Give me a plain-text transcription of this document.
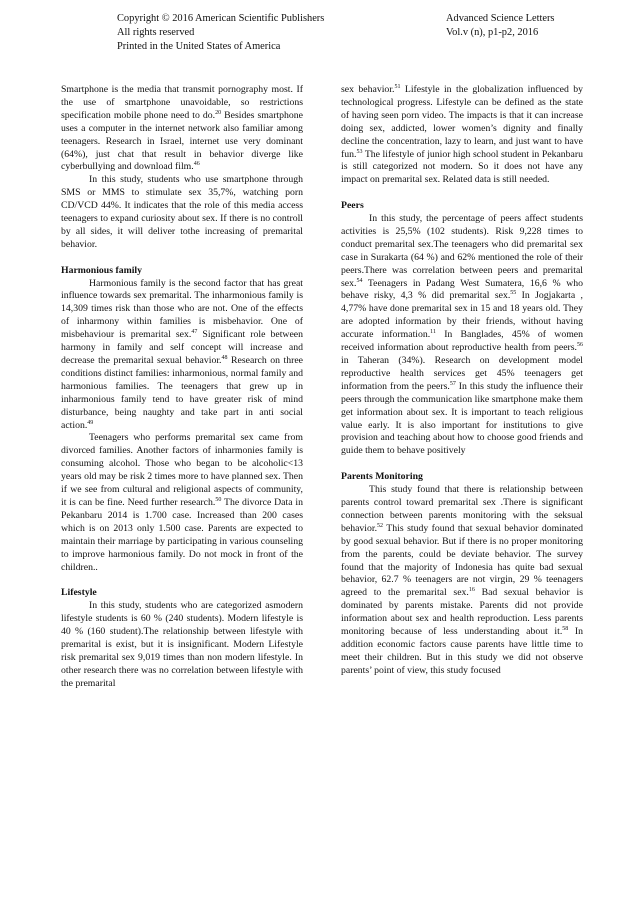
Copyright © 2016 American Scientific Publishers
All rights reserved
Printed in the United States of America
Advanced Science Letters
Vol.v (n), p1-p2, 2016

Smartphone is the media that transmit pornography most. If the use of smartphone unavoidable, so restrictions specification mobile phone need to do.$^{20}$ Besides smartphone uses a computer in the internet network also familiar among teenagers. Research in Israel, internet use very dominant (64%), just chat that result in behavior diverge like cyberbullying and download film.$^{46}$

In this study, students who use smartphone through SMS or MMS to stimulate sex 35,7%, watching porn CD/VCD 44%. It indicates that the role of this media access teenagers to expand curiosity about sex. If there is no controll by all sides, it will deliver tothe increasing of premarital behavior.

Harmonious family

Harmonious family is the second factor that has great influence towards sex premarital. The inharmonious family is 14,309 times risk than those who are not. One of the effects of inharmony within families is misbehavior. One of misbehaviour is premarital sex.$^{47}$ Significant role between harmony in family and self concept will increase and decrease the premarital sexual behavior.$^{48}$ Research on three conditions distinct families: inharmonious, normal family and harmonious families. The teenagers that grew up in inharmonious family tend to have greater risk of mind disturbance, being naughty and take part in anti social action.$^{49}$

Teenagers who performs premarital sex came from divorced families. Another factors of inharmonies family is consuming alcohol. Those who began to be alcoholic<13 years old may be risk 2 times more to have planned sex. Then if we see from cultural and religional aspects of community, it is can be fine. Need further research.$^{50}$ The divorce Data in Pekanbaru 2014 is 1.700 case. Increased than 200 cases which is on 2013 only 1.500 case. Parents are expected to maintain their marriage by participating in various counseling to improve harmonious family. Do not mock in front of the children..

Lifestyle

In this study, students who are categorized asmodern lifestyle students is 60 % (240 students). Modern lifestyle is 40 % (160 student).The relationship between lifestyle with premarital is exist, but it is insignificant. Modern Lifestyle risk premarital sex 9,019 times than non modern lifestyle. In other research there was no correlation between lifestyle with the premarital

sex behavior.$^{51}$ Lifestyle in the globalization influenced by technological progress. Lifestyle can be defined as the state of having seen porn video. The impacts is that it can increase doing sex, addicted, lower women’s dignity and finally decline the concentration, lazy to learn, and just want to have fun.$^{53}$ The lifestyle of junior high school student in Pekanbaru is still categorized not modern. So it does not have any impact on premarital sex. Related data is still needed.

Peers

In this study, the percentage of peers affect students activities is 25,5% (102 students). Risk 9,228 times to conduct premarital sex.The teenagers who did premarital sex case in Surakarta (64 %) and 62% mentioned the role of their peers.There was correlation between peers and premarital sex.$^{54}$ Teenagers in Padang West Sumatera, 16,6 % who behave risky, 4,3 % did premarital sex.$^{55}$ In Jogjakarta , 4,77% have done premarital sex in 15 and 18 years old. They are adopted information by their friends, without having accurate information.$^{11}$ In Banglades, 45% of women received information about reproductive health from peers.$^{56}$ in Taheran (34%). Research on development model reproductive health services get 45% teenagers get information from the peers.$^{57}$ In this study the influence their peers through the communication like smartphone make them get information about sex. It is important to teach religious value early. It is also important for institutions to give provision and teaching about how to choose good friends and guide them to behave positively

Parents Monitoring

This study found that there is relationship between parents control toward premarital sex .There is significant connection between parents monitoring with the seksual behavior.$^{52}$ This study found that sexual behavior dominated by good sexual behavior. But if there is no proper monitoring from the parents, could be deviate behavior. The survey found that the majority of Indonesia has quite bad sexual behavior, 62.7 % teenagers are not virgin, 29 % teenagers agreed to the premarital sex.$^{16}$ Bad sexual behavior is dominated by parents mistake. Parents did not provide information about sex and health reproduction. Less parents monitoring because of less understanding about it.$^{58}$ In addition economic factors cause parents have little time to meet their children. But in this study we did not observe parents’ point of view, this study focused
